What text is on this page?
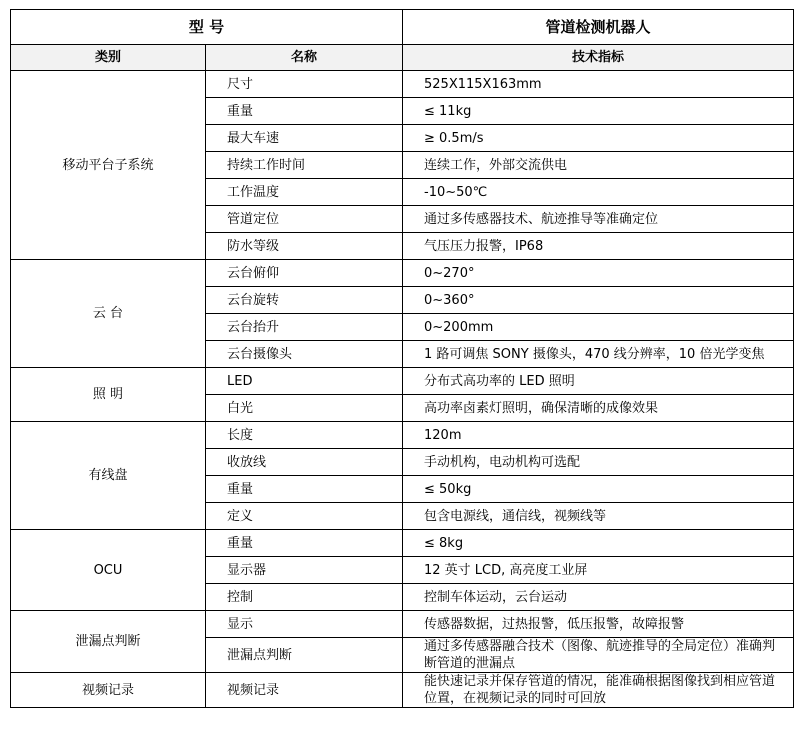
型 号		管道检测机器人
类别	名称	技术指标
移动平台子系统	尺寸	525X115X163mm
	重量	≤ 11kg
	最大车速	≥ 0.5m/s
	持续工作时间	连续工作，外部交流供电
	工作温度	-10~50℃
	管道定位	通过多传感器技术、航迹推导等准确定位
	防水等级	气压压力报警，IP68
云 台	云台俯仰	0~270°
	云台旋转	0~360°
	云台抬升	0~200mm
	云台摄像头	1 路可调焦 SONY 摄像头，470 线分辨率，10 倍光学变焦
照 明	LED	分布式高功率的 LED 照明
	白光	高功率卤素灯照明，确保清晰的成像效果
有线盘	长度	120m
	收放线	手动机构，电动机构可选配
	重量	≤ 50kg
	定义	包含电源线，通信线，视频线等
OCU	重量	≤ 8kg
	显示器	12 英寸 LCD, 高亮度工业屏
	控制	控制车体运动，云台运动
泄漏点判断	显示	传感器数据，过热报警，低压报警，故障报警
	泄漏点判断	通过多传感器融合技术（图像、航迹推导的全局定位）准确判断管道的泄漏点
视频记录	视频记录	能快速记录并保存管道的情况，能准确根据图像找到相应管道位置，在视频记录的同时可回放
